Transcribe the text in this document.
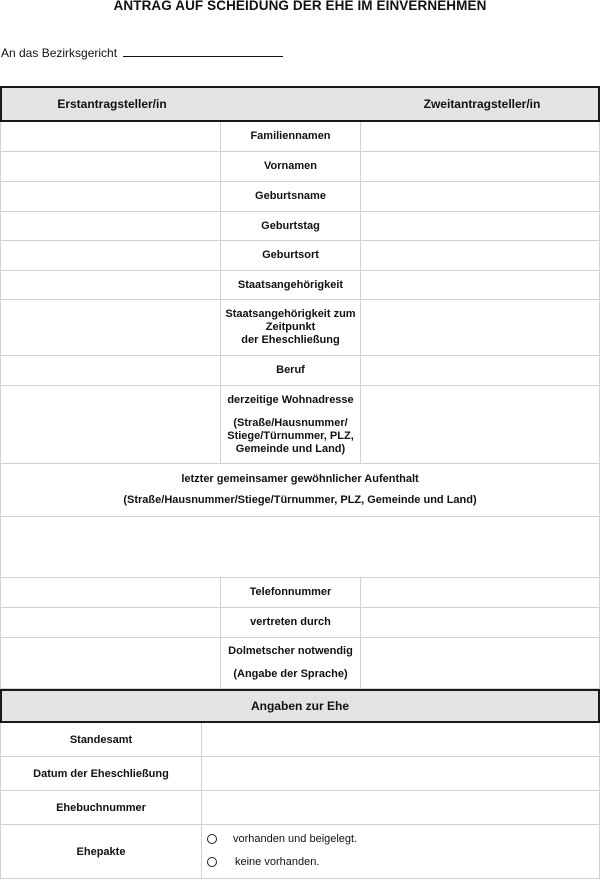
ANTRAG AUF SCHEIDUNG DER EHE IM EINVERNEHMEN
An das Bezirksgericht
Erstantragsteller/in	Zweitantragsteller/in
Familiennamen
Vornamen
Geburtsname
Geburtstag
Geburtsort
Staatsangehörigkeit
Staatsangehörigkeit zum
Zeitpunkt
der Eheschließung
Beruf
derzeitige Wohnadresse
(Straße/Hausnummer/
Stiege/Türnummer, PLZ,
Gemeinde und Land)
letzter gemeinsamer gewöhnlicher Aufenthalt
(Straße/Hausnummer/Stiege/Türnummer, PLZ, Gemeinde und Land)
Telefonnummer
vertreten durch
Dolmetscher notwendig
(Angabe der Sprache)
Angaben zur Ehe
Standesamt
Datum der Eheschließung
Ehebuchnummer
Ehepakte
vorhanden und beigelegt.
keine vorhanden.
